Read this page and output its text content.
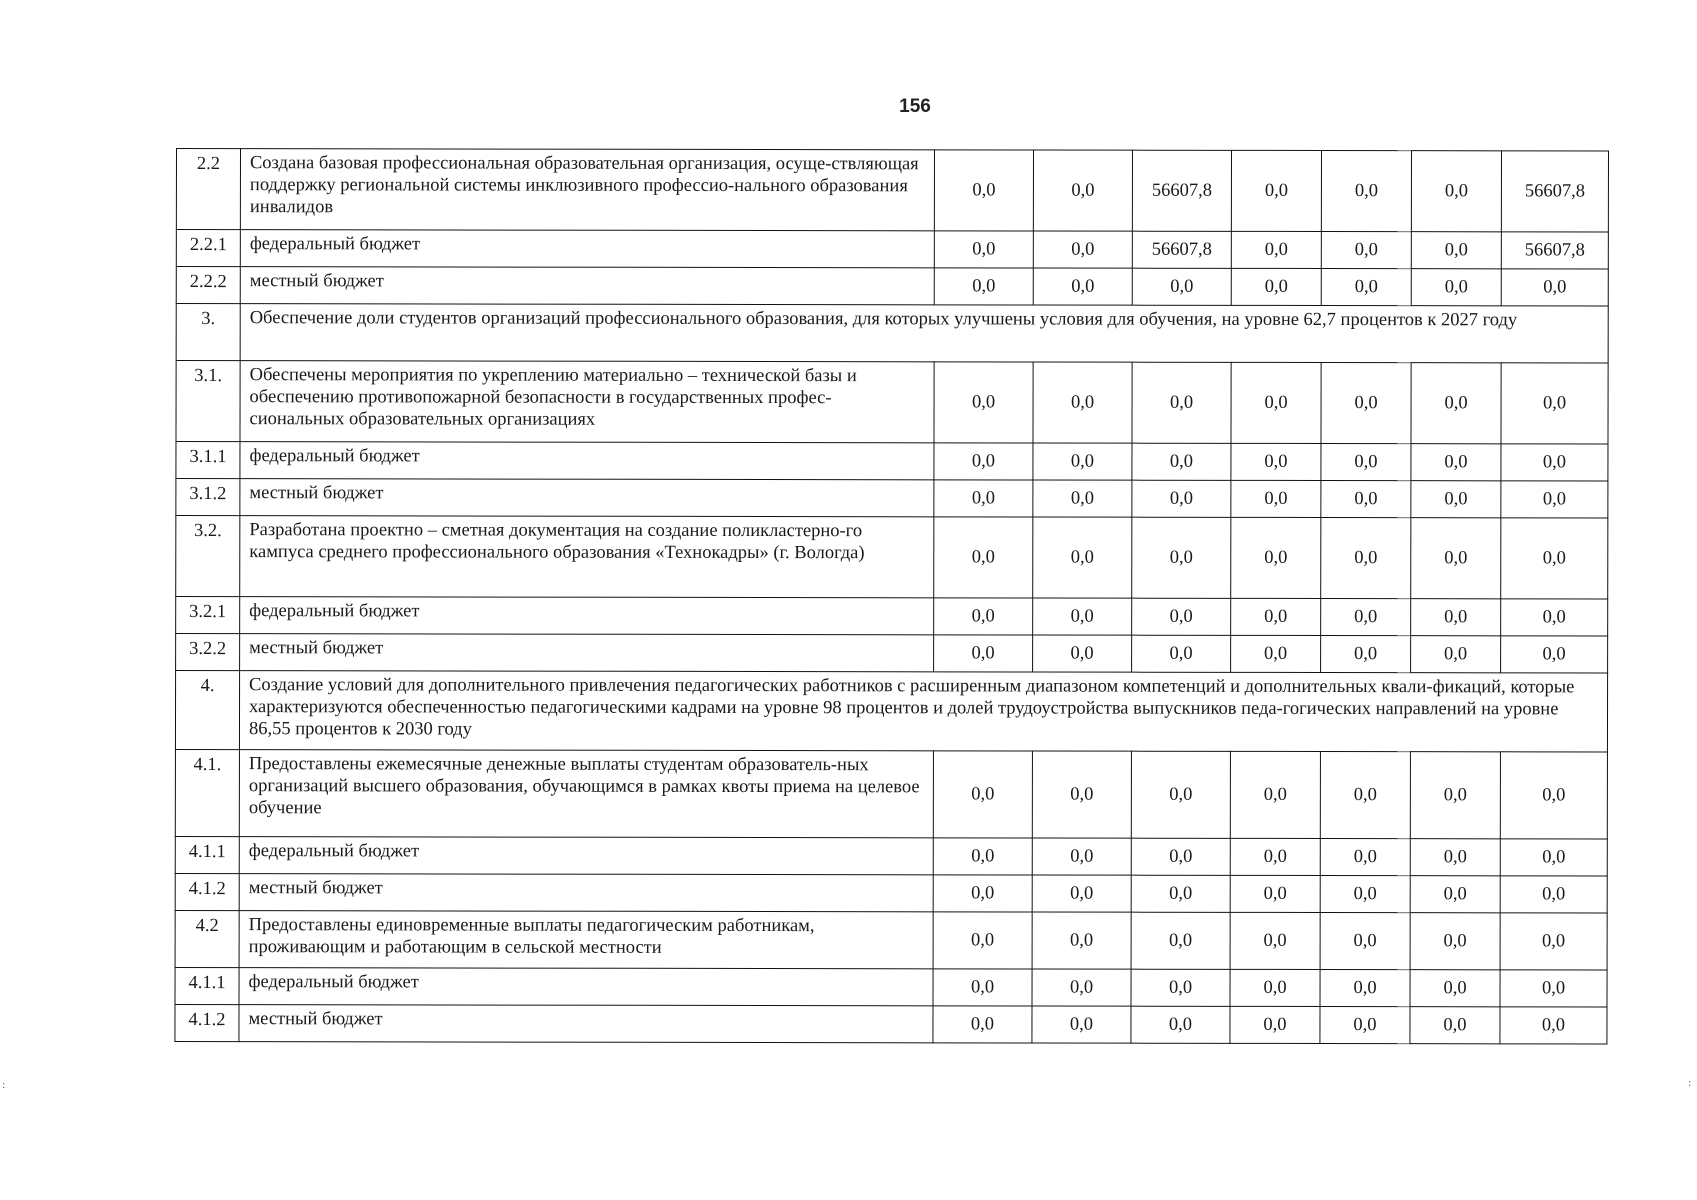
156
2.2	Создана базовая профессиональная образовательная организация, осуще-ствляющая поддержку региональной системы инклюзивного профессио-нального образования инвалидов	0,0	0,0	56607,8	0,0	0,0	0,0	56607,8
2.2.1	федеральный бюджет	0,0	0,0	56607,8	0,0	0,0	0,0	56607,8
2.2.2	местный бюджет	0,0	0,0	0,0	0,0	0,0	0,0	0,0
3.	Обеспечение доли студентов организаций профессионального образования, для которых улучшены условия для обучения, на уровне 62,7 процентов к 2027 году							
3.1.	Обеспечены мероприятия по укреплению материально – технической базы и обеспечению противопожарной безопасности в государственных профес-сиональных образовательных организациях	0,0	0,0	0,0	0,0	0,0	0,0	0,0
3.1.1	федеральный бюджет	0,0	0,0	0,0	0,0	0,0	0,0	0,0
3.1.2	местный бюджет	0,0	0,0	0,0	0,0	0,0	0,0	0,0
3.2.	Разработана проектно – сметная документация на создание поликластерно-го кампуса среднего профессионального образования «Технокадры» (г. Вологда)	0,0	0,0	0,0	0,0	0,0	0,0	0,0
3.2.1	федеральный бюджет	0,0	0,0	0,0	0,0	0,0	0,0	0,0
3.2.2	местный бюджет	0,0	0,0	0,0	0,0	0,0	0,0	0,0
4.	Создание условий для дополнительного привлечения педагогических работников с расширенным диапазоном компетенций и дополнительных квали-фикаций, которые характеризуются обеспеченностью педагогическими кадрами на уровне 98 процентов и долей трудоустройства выпускников педа-гогических направлений на уровне 86,55 процентов к 2030 году							
4.1.	Предоставлены ежемесячные денежные выплаты студентам образователь-ных организаций высшего образования, обучающимся в рамках квоты приема на целевое обучение	0,0	0,0	0,0	0,0	0,0	0,0	0,0
4.1.1	федеральный бюджет	0,0	0,0	0,0	0,0	0,0	0,0	0,0
4.1.2	местный бюджет	0,0	0,0	0,0	0,0	0,0	0,0	0,0
4.2	Предоставлены единовременные выплаты педагогическим работникам, проживающим и работающим в сельской местности	0,0	0,0	0,0	0,0	0,0	0,0	0,0
4.1.1	федеральный бюджет	0,0	0,0	0,0	0,0	0,0	0,0	0,0
4.1.2	местный бюджет	0,0	0,0	0,0	0,0	0,0	0,0	0,0
:	:
